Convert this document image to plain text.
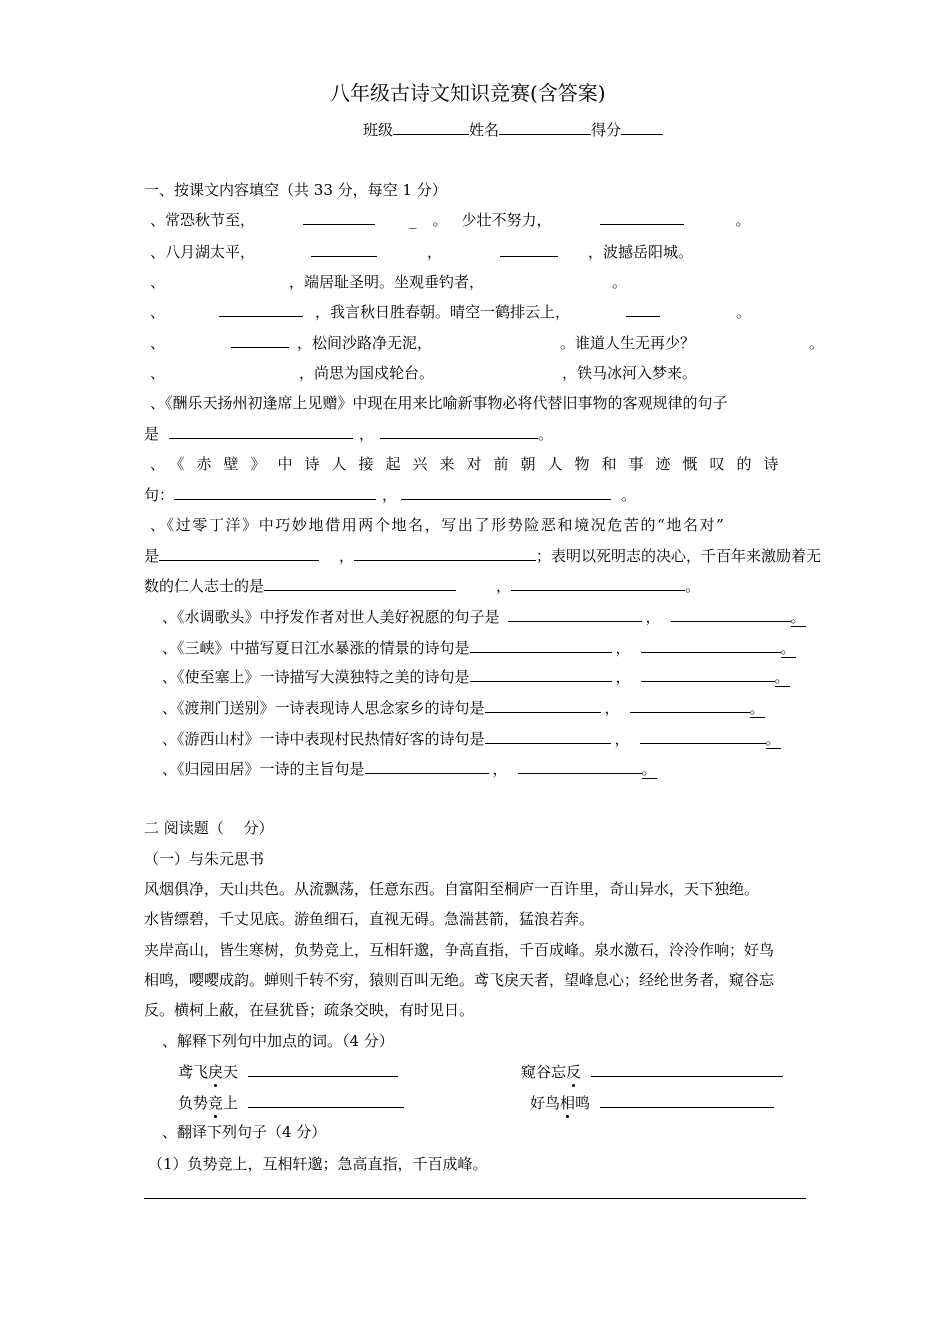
八年级古诗文知识竞赛(含答案)
班级	姓名	得分
一、按课文内容填空（共 33 分，每空 1 分）
、常恐秋节至，	_ 。 少壮不努力，	。
、八月湖太平，	，	，波撼岳阳城。
、	，端居耻圣明。坐观垂钓者，	。
、	，我言秋日胜春朝。晴空一鹤排云上，	。
、	，松间沙路净无泥，	。谁道人生无再少？	。
、	，尚思为国戍轮台。	，铁马冰河入梦来。
、《酬乐天扬州初逢席上见赠》中现在用来比喻新事物必将代替旧事物的客观规律的句子
是	，	。
、《赤壁》中诗人接起兴来对前朝人物和事迹慨叹的诗
句：	，	。
、《过零丁洋》中巧妙地借用两个地名，写出了形势险恶和境况危苦的“地名对”
是	，	；表明以死明志的决心，千百年来激励着无
数的仁人志士的是	，	。
、《水调歌头》中抒发作者对世人美好祝愿的句子是	，	。
、《三峡》中描写夏日江水暴涨的情景的诗句是	，	。
、《使至塞上》一诗描写大漠独特之美的诗句是	，	。
、《渡荆门送别》一诗表现诗人思念家乡的诗句是	，	。
、《游西山村》一诗中表现村民热情好客的诗句是	，	。
、《归园田居》一诗的主旨句是	，	。
二 阅读题（　 分）
（一）与朱元思书
风烟俱净，天山共色。从流飘荡，任意东西。自富阳至桐庐一百许里，奇山异水，天下独绝。
水皆缥碧，千丈见底。游鱼细石，直视无碍。急湍甚箭，猛浪若奔。
夹岸高山，皆生寒树，负势竞上，互相轩邈，争高直指，千百成峰。泉水激石，泠泠作响；好鸟
相鸣，嘤嘤成韵。蝉则千转不穷，猿则百叫无绝。鸢飞戾天者，望峰息心；经纶世务者，窥谷忘
反。横柯上蔽，在昼犹昏；疏条交映，有时见日。
、解释下列句中加点的词。（4 分）
鸢飞戾天	窥谷忘反
负势竞上	好鸟相鸣
、翻译下列句子（4 分）
（1）负势竞上，互相轩邈；急高直指，千百成峰。
